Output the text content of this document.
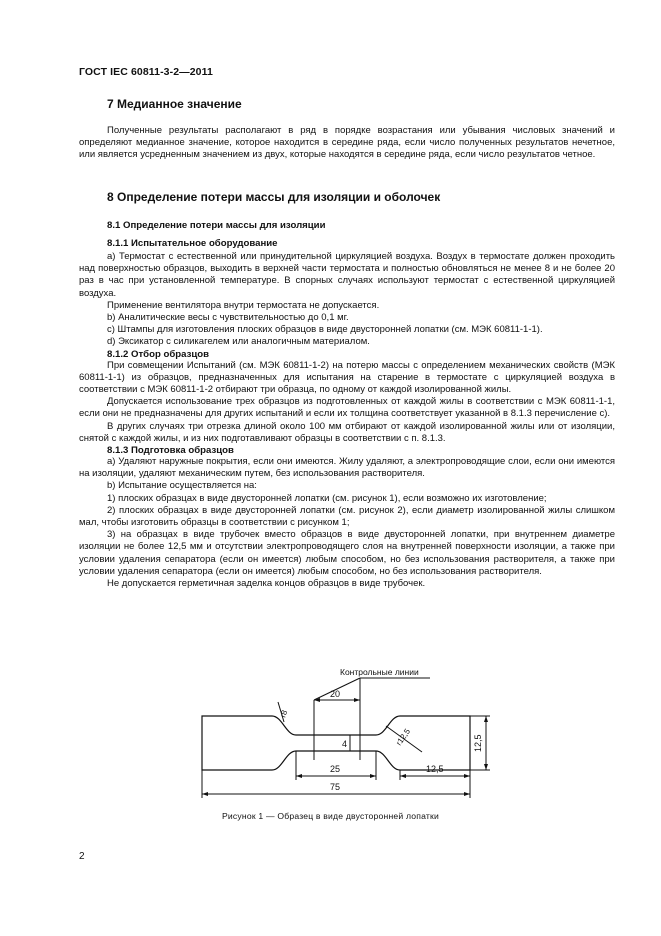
ГОСТ IEC 60811-3-2—2011
7 Медианное значение

Полученные результаты располагают в ряд в порядке возрастания или убывания числовых значений и определяют медианное значение, которое находится в середине ряда, если число полученных результатов нечетное, или является усредненным значением из двух, которые находятся в середине ряда, если число результатов четное.

8 Определение потери массы для изоляции и оболочек
8.1 Определение потери массы для изоляции
8.1.1 Испытательное оборудование

а) Термостат с естественной или принудительной циркуляцией воздуха. Воздух в термостате должен проходить над поверхностью образцов, выходить в верхней части термостата и полностью обновляться не менее 8 и не более 20 раз в час при установленной температуре. В спорных случаях используют термостат с естественной циркуляцией воздуха.

Применение вентилятора внутри термостата не допускается.

b) Аналитические весы с чувствительностью до 0,1 мг.

c) Штампы для изготовления плоских образцов в виде двусторонней лопатки (см. МЭК 60811-1-1).

d) Эксикатор с силикагелем или аналогичным материалом.

8.1.2 Отбор образцов

При совмещении Испытаний (см. МЭК 60811-1-2) на потерю массы с определением механических свойств (МЭК 60811-1-1) из образцов, предназначенных для испытания на старение в термостате с циркуляцией воздуха в соответствии с МЭК 60811-1-2 отбирают три образца, по одному от каждой изолированной жилы.

Допускается использование трех образцов из подготовленных от каждой жилы в соответствии с МЭК 60811-1-1, если они не предназначены для других испытаний и если их толщина соответствует указанной в 8.1.3 перечисление с).

В других случаях три отрезка длиной около 100 мм отбирают от каждой изолированной жилы или от изоляции, снятой с каждой жилы, и из них подготавливают образцы в соответствии с п. 8.1.3.

8.1.3 Подготовка образцов

а) Удаляют наружные покрытия, если они имеются. Жилу удаляют, а электропроводящие слои, если они имеются на изоляции, удаляют механическим путем, без использования растворителя.

b) Испытание осуществляется на:

1) плоских образцах в виде двусторонней лопатки (см. рисунок 1), если возможно их изготовление;

2) плоских образцах в виде двусторонней лопатки (см. рисунок 2), если диаметр изолированной жилы слишком мал, чтобы изготовить образцы в соответствии с рисунком 1;

3) на образцах в виде трубочек вместо образцов в виде двусторонней лопатки, при внутреннем диаметре изоляции не более 12,5 мм и отсутствии электропроводящего слоя на внутренней поверхности изоляции, а также при условии удаления сепаратора (если он имеется) любым способом, но без использования растворителя, а также при условии удаления сепаратора (если он имеется) любым способом, но без использования растворителя.

Не допускается герметичная заделка концов образцов в виде трубочек.

Контрольные линии
20
4
25
75
12,5
12,5
r12,5
r8
Рисунок 1 — Образец в виде двусторонней лопатки
2
